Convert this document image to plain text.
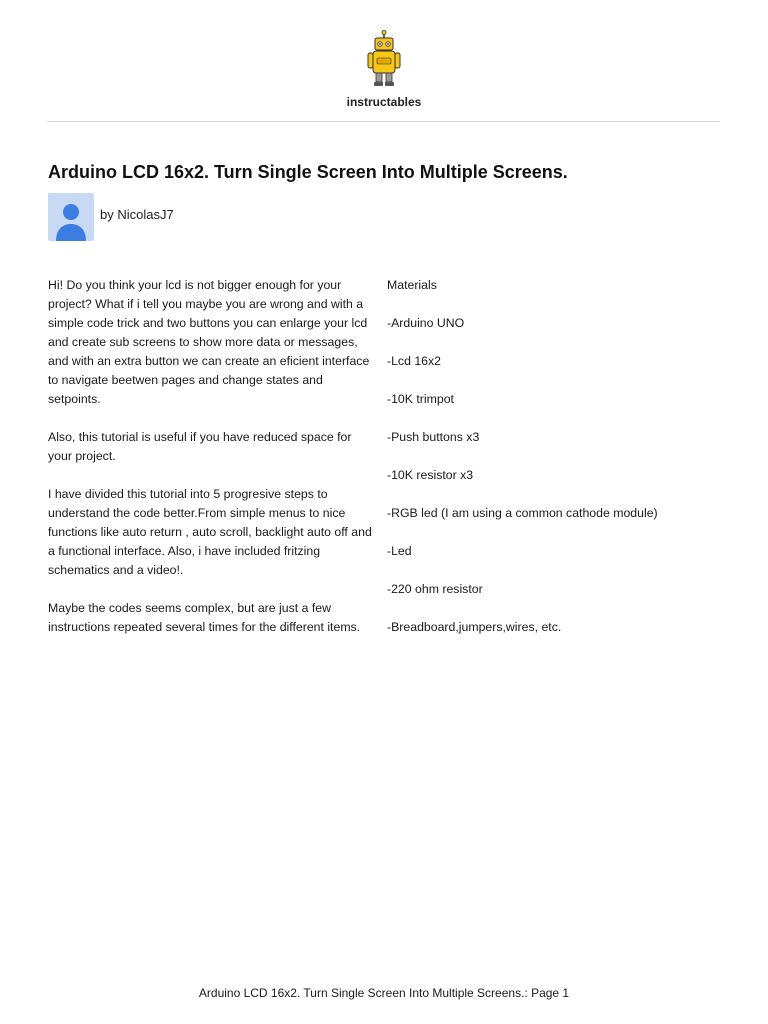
instructables
Arduino LCD 16x2. Turn Single Screen Into Multiple Screens.
by NicolasJ7

Hi! Do you think your lcd is not bigger enough for your project? What if i tell you maybe you are wrong and with a simple code trick and two buttons you can enlarge your lcd and create sub screens to show more data or messages, and with an extra button we can create an eficient interface to navigate beetwen pages and change states and setpoints.

Also, this tutorial is useful if you have reduced space for your project.

I have divided this tutorial into 5 progresive steps to understand the code better.From simple menus to nice functions like auto return , auto scroll, backlight auto off and a functional interface. Also, i have included fritzing schematics and a video!.

Maybe the codes seems complex, but are just a few instructions repeated several times for the different items.

Materials
-Arduino UNO
-Lcd 16x2
-10K trimpot
-Push buttons x3
-10K resistor x3
-RGB led (I am using a common cathode module)
-Led
-220 ohm resistor
-Breadboard,jumpers,wires, etc.
Arduino LCD 16x2. Turn Single Screen Into Multiple Screens.: Page 1
